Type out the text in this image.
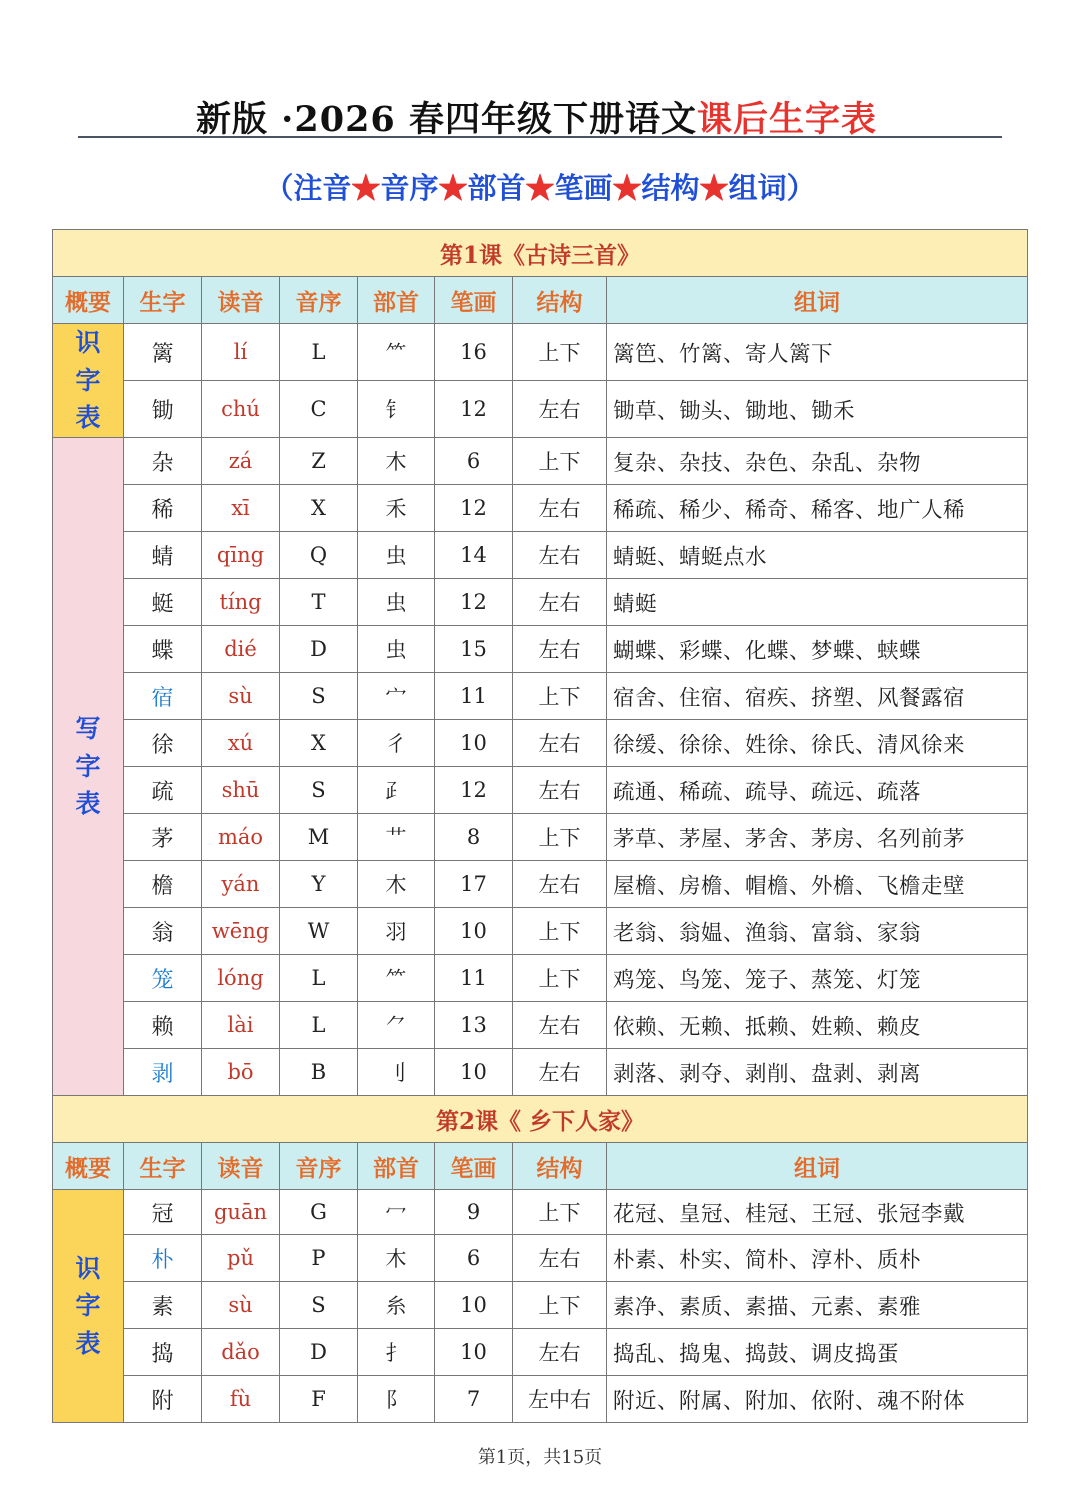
新版 ·2026 春四年级下册语文课后生字表
（注音★音序★部首★笔画★结构★组词）
第1课《古诗三首》							
概要	生字	读音	音序	部首	笔画	结构	组词

识
字
表	篱	lí	L	⺮	16	上下	篱笆、竹篱、寄人篱下
	锄	chú	C	钅	12	左右	锄草、锄头、锄地、锄禾

写
字
表	杂	zá	Z	木	6	上下	复杂、杂技、杂色、杂乱、杂物
	稀	xī	X	禾	12	左右	稀疏、稀少、稀奇、稀客、地广人稀
	蜻	qīng	Q	虫	14	左右	蜻蜓、蜻蜓点水
	蜓	tíng	T	虫	12	左右	蜻蜓
	蝶	dié	D	虫	15	左右	蝴蝶、彩蝶、化蝶、梦蝶、蛱蝶
	宿	sù	S	宀	11	上下	宿舍、住宿、宿疾、挤塑、风餐露宿
	徐	xú	X	彳	10	左右	徐缓、徐徐、姓徐、徐氏、清风徐来
	疏	shū	S	⺪	12	左右	疏通、稀疏、疏导、疏远、疏落
	茅	máo	M	艹	8	上下	茅草、茅屋、茅舍、茅房、名列前茅
	檐	yán	Y	木	17	左右	屋檐、房檐、帽檐、外檐、飞檐走壁
	翁	wēng	W	羽	10	上下	老翁、翁媪、渔翁、富翁、家翁
	笼	lóng	L	⺮	11	上下	鸡笼、鸟笼、笼子、蒸笼、灯笼
	赖	lài	L	⺈	13	左右	依赖、无赖、抵赖、姓赖、赖皮
	剥	bō	B	刂	10	左右	剥落、剥夺、剥削、盘剥、剥离
第2课《 乡下人家》							
概要	生字	读音	音序	部首	笔画	结构	组词

识
字
表	冠	guān	G	冖	9	上下	花冠、皇冠、桂冠、王冠、张冠李戴
	朴	pǔ	P	木	6	左右	朴素、朴实、简朴、淳朴、质朴
	素	sù	S	糸	10	上下	素净、素质、素描、元素、素雅
	捣	dǎo	D	扌	10	左右	捣乱、捣鬼、捣鼓、调皮捣蛋
	附	fù	F	阝	7	左中右	附近、附属、附加、依附、魂不附体
第1页，共15页
